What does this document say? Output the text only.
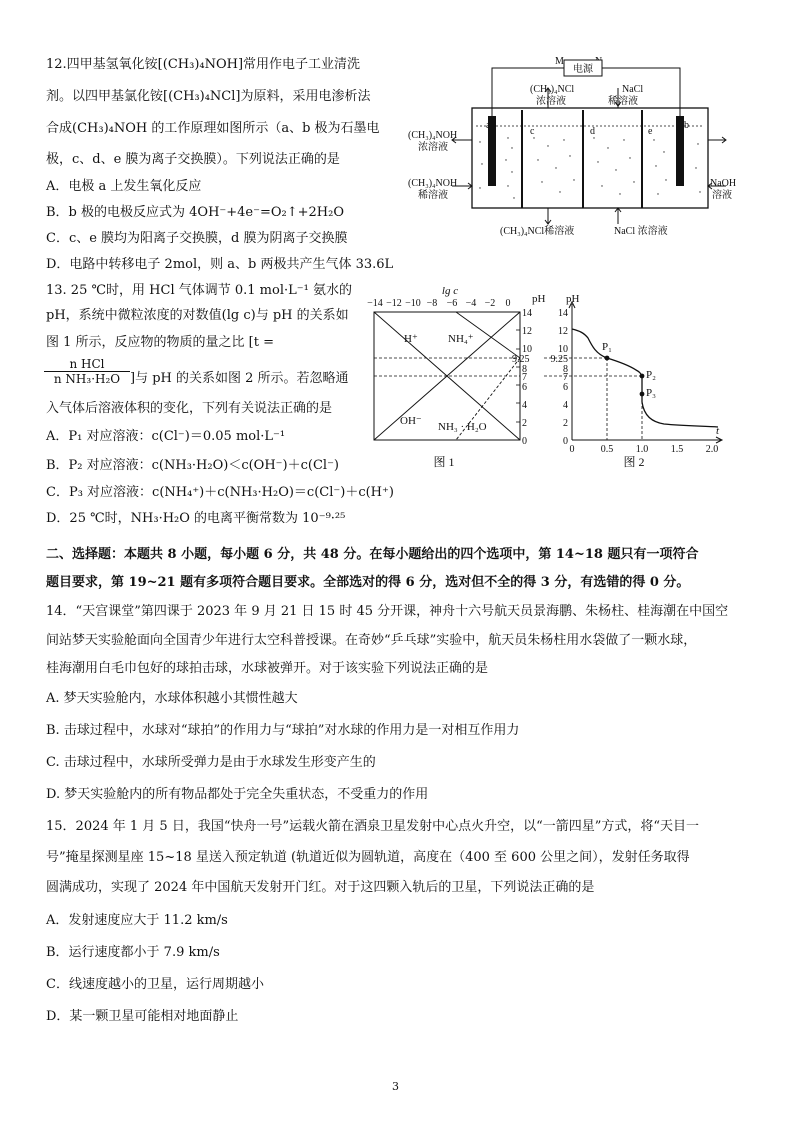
12.四甲基氢氧化铵[(CH₃)₄NOH]常用作电子工业清洗
剂。以四甲基氯化铵[(CH₃)₄NCl]为原料，采用电渗析法
合成(CH₃)₄NOH 的工作原理如图所示（a、b 极为石墨电
极，c、d、e 膜为离子交换膜）。下列说法正确的是
A．电极 a 上发生氧化反应
B．b 极的电极反应式为 4OH⁻+4e⁻=O₂↑+2H₂O
C．c、e 膜均为阳离子交换膜，d 膜为阴离子交换膜
D．电路中转移电子 2mol，则 a、b 两极共产生气体 33.6L
M
电源
a
c	d	e
b
(CH₃)₄NCl
浓溶液
NaCl
稀溶液
(CH₃)₄NOH
浓溶液
(CH₃)₄NOH
稀溶液
NaOH
溶液
(CH₃)₄NCl稀溶液	NaCl 浓溶液
13. 25 ℃时，用 HCl 气体调节 0.1 mol·L⁻¹ 氨水的
pH，系统中微粒浓度的对数值(lg c)与 pH 的关系如
图 1 所示，反应物的物质的量之比 [t =
n HCl
n NH₃·H₂O ]与 pH 的关系如图 2 所示。若忽略通
入气体后溶液体积的变化，下列有关说法正确的是
A．P₁ 对应溶液：c(Cl⁻)＝0.05 mol·L⁻¹
B．P₂ 对应溶液：c(NH₃·H₂O)＜c(OH⁻)＋c(Cl⁻)
C．P₃ 对应溶液：c(NH₄⁺)＋c(NH₃·H₂O)＝c(Cl⁻)＋c(H⁺)
D．25 ℃时，NH₃·H₂O 的电离平衡常数为 10⁻⁹·²⁵
lg c
−14 −12 −10 −8 −6 −4 −2 0 pH
H⁺	NH₄⁺
OH⁻ NH₃ · H₂O
14
12
10
9.25
8
7
6
4
2
0
图 1
pH
t
14
12
10
9.25
8
7
6
4
2
0
0	0.5 1.0 1.5 2.0
P₁
P₂
P₃
图 2
二、选择题：本题共 8 小题，每小题 6 分，共 48 分。在每小题给出的四个选项中，第 14~18 题只有一项符合
题目要求，第 19~21 题有多项符合题目要求。全部选对的得 6 分，选对但不全的得 3 分，有选错的得 0 分。
14．“天宫课堂”第四课于 2023 年 9 月 21 日 15 时 45 分开课，神舟十六号航天员景海鹏、朱杨柱、桂海潮在中国空
间站梦天实验舱面向全国青少年进行太空科普授课。在奇妙“乒乓球”实验中，航天员朱杨柱用水袋做了一颗水球，
桂海潮用白毛巾包好的球拍击球，水球被弹开。对于该实验下列说法正确的是
A. 梦天实验舱内，水球体积越小其惯性越大
B. 击球过程中，水球对“球拍”的作用力与“球拍”对水球的作用力是一对相互作用力
C. 击球过程中，水球所受弹力是由于水球发生形变产生的
D. 梦天实验舱内的所有物品都处于完全失重状态，不受重力的作用
15．2024 年 1 月 5 日，我国“快舟一号”运载火箭在酒泉卫星发射中心点火升空，以“一箭四星”方式，将“天目一
号”掩星探测星座 15~18 星送入预定轨道 (轨道近似为圆轨道，高度在（400 至 600 公里之间），发射任务取得
圆满成功，实现了 2024 年中国航天发射开门红。对于这四颗入轨后的卫星，下列说法正确的是
A．发射速度应大于 11.2 km/s
B．运行速度都小于 7.9 km/s
C．线速度越小的卫星，运行周期越小
D．某一颗卫星可能相对地面静止
3
